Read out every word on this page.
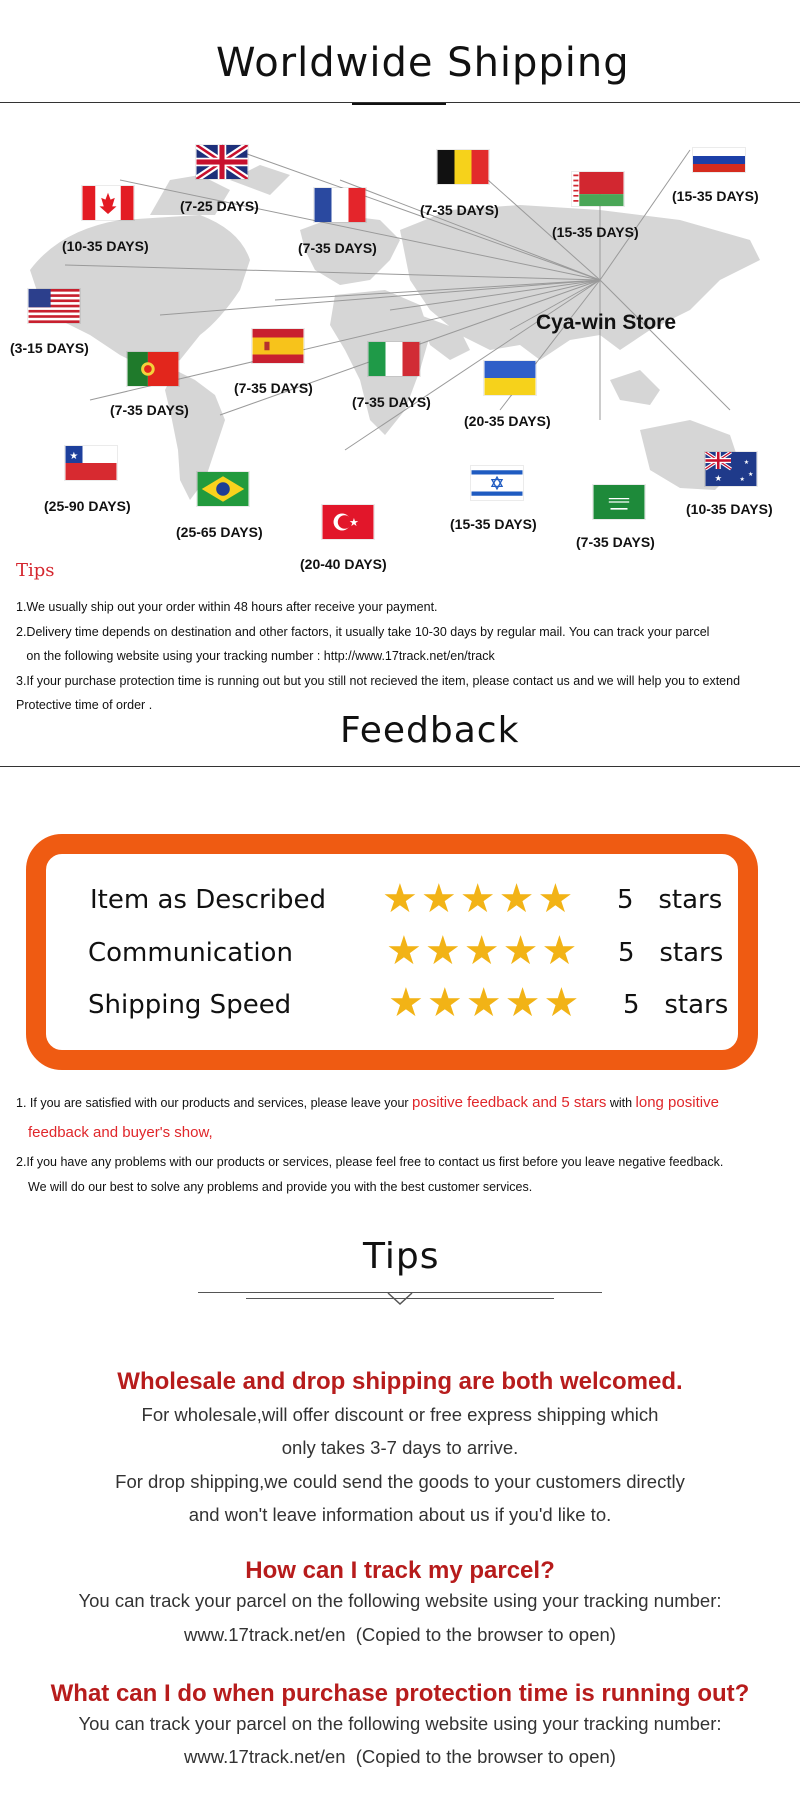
Worldwide Shipping
Cya-win Store
(7-25 DAYS)
(10-35 DAYS)	(7-35 DAYS)
(7-35 DAYS)
(15-35 DAYS)
(15-35 DAYS)
(3-15 DAYS)
(7-35 DAYS)
(7-35 DAYS)
(7-35 DAYS)
(20-35 DAYS)
★
(25-90 DAYS)
(25-65 DAYS)
★
(20-40 DAYS)
(15-35 DAYS)
(7-35 DAYS)
★
★
★
★
(10-35 DAYS)
Tips
1.We usually ship out your order within 48 hours after receive your payment.
2.Delivery time depends on destination and other factors, it usually take 10-30 days by regular mail. You can track your parcel
on the following website using your tracking number : http://www.17track.net/en/track
3.If your purchase protection time is running out but you still not recieved the item, please contact us and we will help you to extend
Protective time of order .
Feedback
Item as Described ★ ★ ★ ★ ★ 5   stars
Communication ★ ★ ★ ★ ★ 5   stars
Shipping Speed ★ ★ ★ ★ ★ 5   stars
1. If you are satisfied with our products and services, please leave your positive feedback and 5 stars with long positive
feedback and buyer's show,
2.If you have any problems with our products or services, please feel free to contact us first before you leave negative feedback.
We will do our best to solve any problems and provide you with the best customer services.
Tips
Wholesale and drop shipping are both welcomed.
For wholesale,will offer discount or free express shipping which
only takes 3-7 days to arrive.
For drop shipping,we could send the goods to your customers directly
and won't leave information about us if you'd like to.
How can I track my parcel?
You can track your parcel on the following website using your tracking number:
www.17track.net/en  (Copied to the browser to open)
What can I do when purchase protection time is running out?
You can track your parcel on the following website using your tracking number:
www.17track.net/en  (Copied to the browser to open)
